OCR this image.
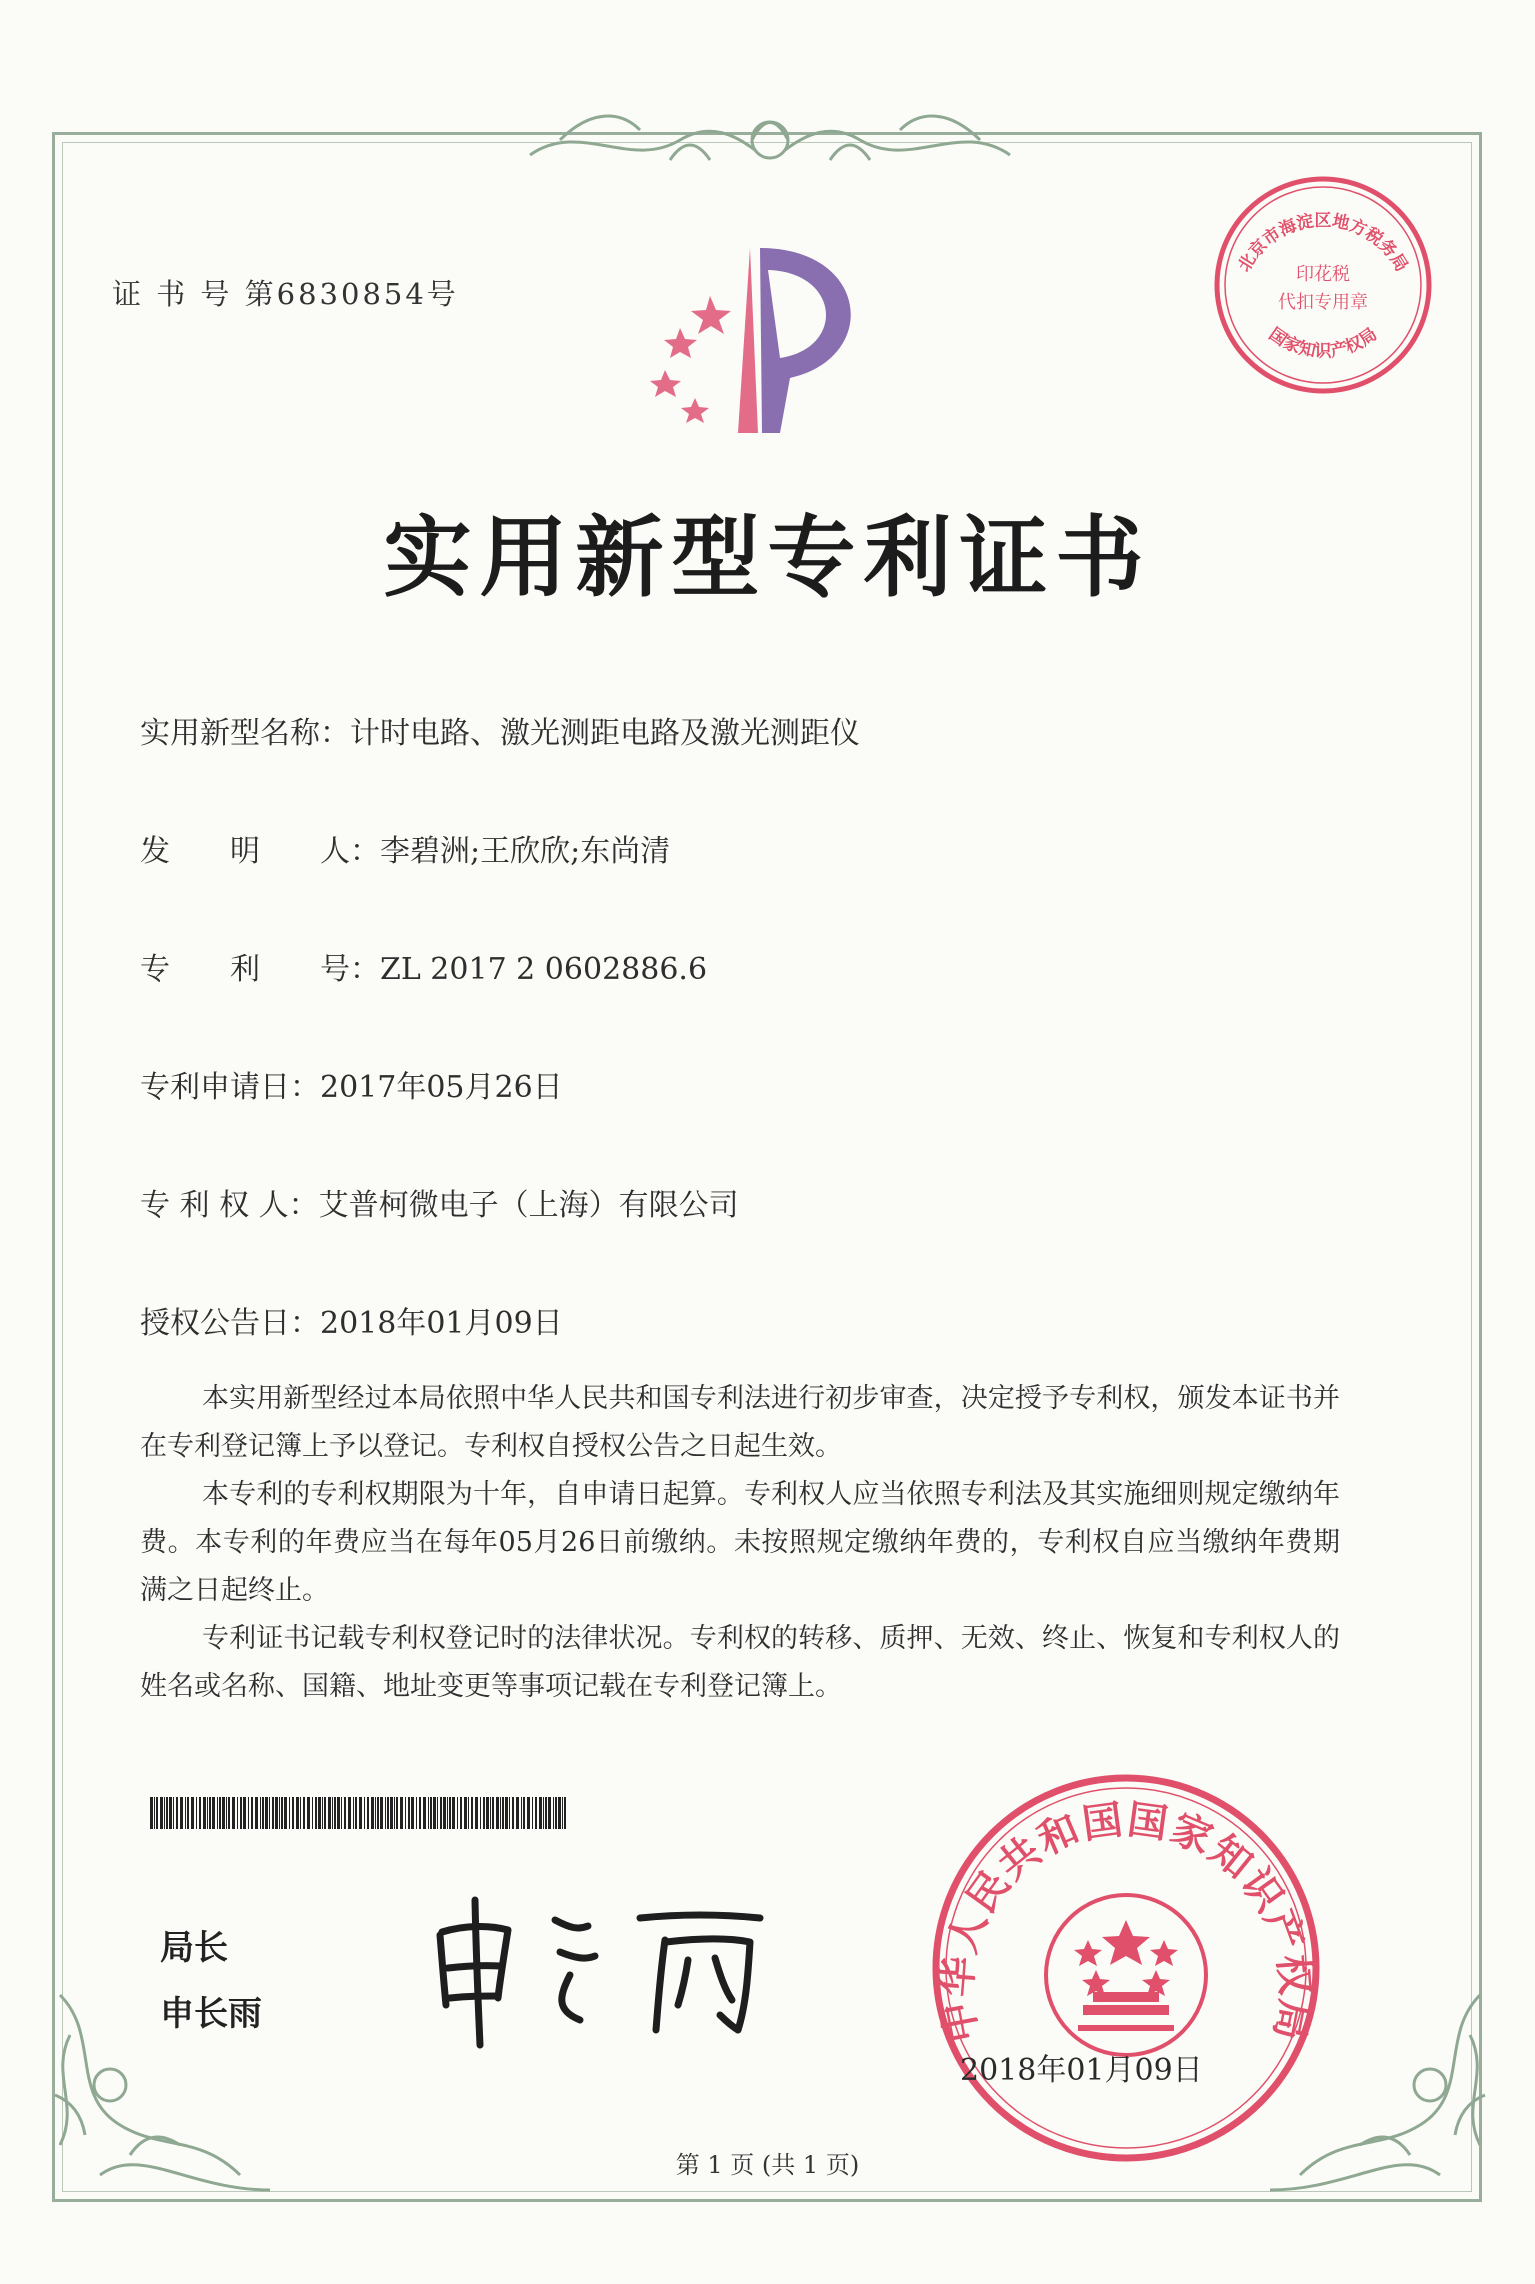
证 书 号 第6830854号
北京市海淀区地方税务局
国家知识产权局
印花税
代扣专用章
实用新型专利证书
实用新型名称：计时电路、激光测距电路及激光测距仪
发　　明　　人：李碧洲;王欣欣;东尚清
专　　利　　号：ZL 2017 2 0602886.6
专利申请日：2017年05月26日
专 利 权 人：艾普柯微电子（上海）有限公司
授权公告日：2018年01月09日

本实用新型经过本局依照中华人民共和国专利法进行初步审查，决定授予专利权，颁发本证书并在专利登记簿上予以登记。专利权自授权公告之日起生效。

本专利的专利权期限为十年，自申请日起算。专利权人应当依照专利法及其实施细则规定缴纳年费。本专利的年费应当在每年05月26日前缴纳。未按照规定缴纳年费的，专利权自应当缴纳年费期满之日起终止。

专利证书记载专利权登记时的法律状况。专利权的转移、质押、无效、终止、恢复和专利权人的姓名或名称、国籍、地址变更等事项记载在专利登记簿上。

局长
申长雨	中华人民共和国国家知识产权局
2018年01月09日
第 1 页 (共 1 页)
